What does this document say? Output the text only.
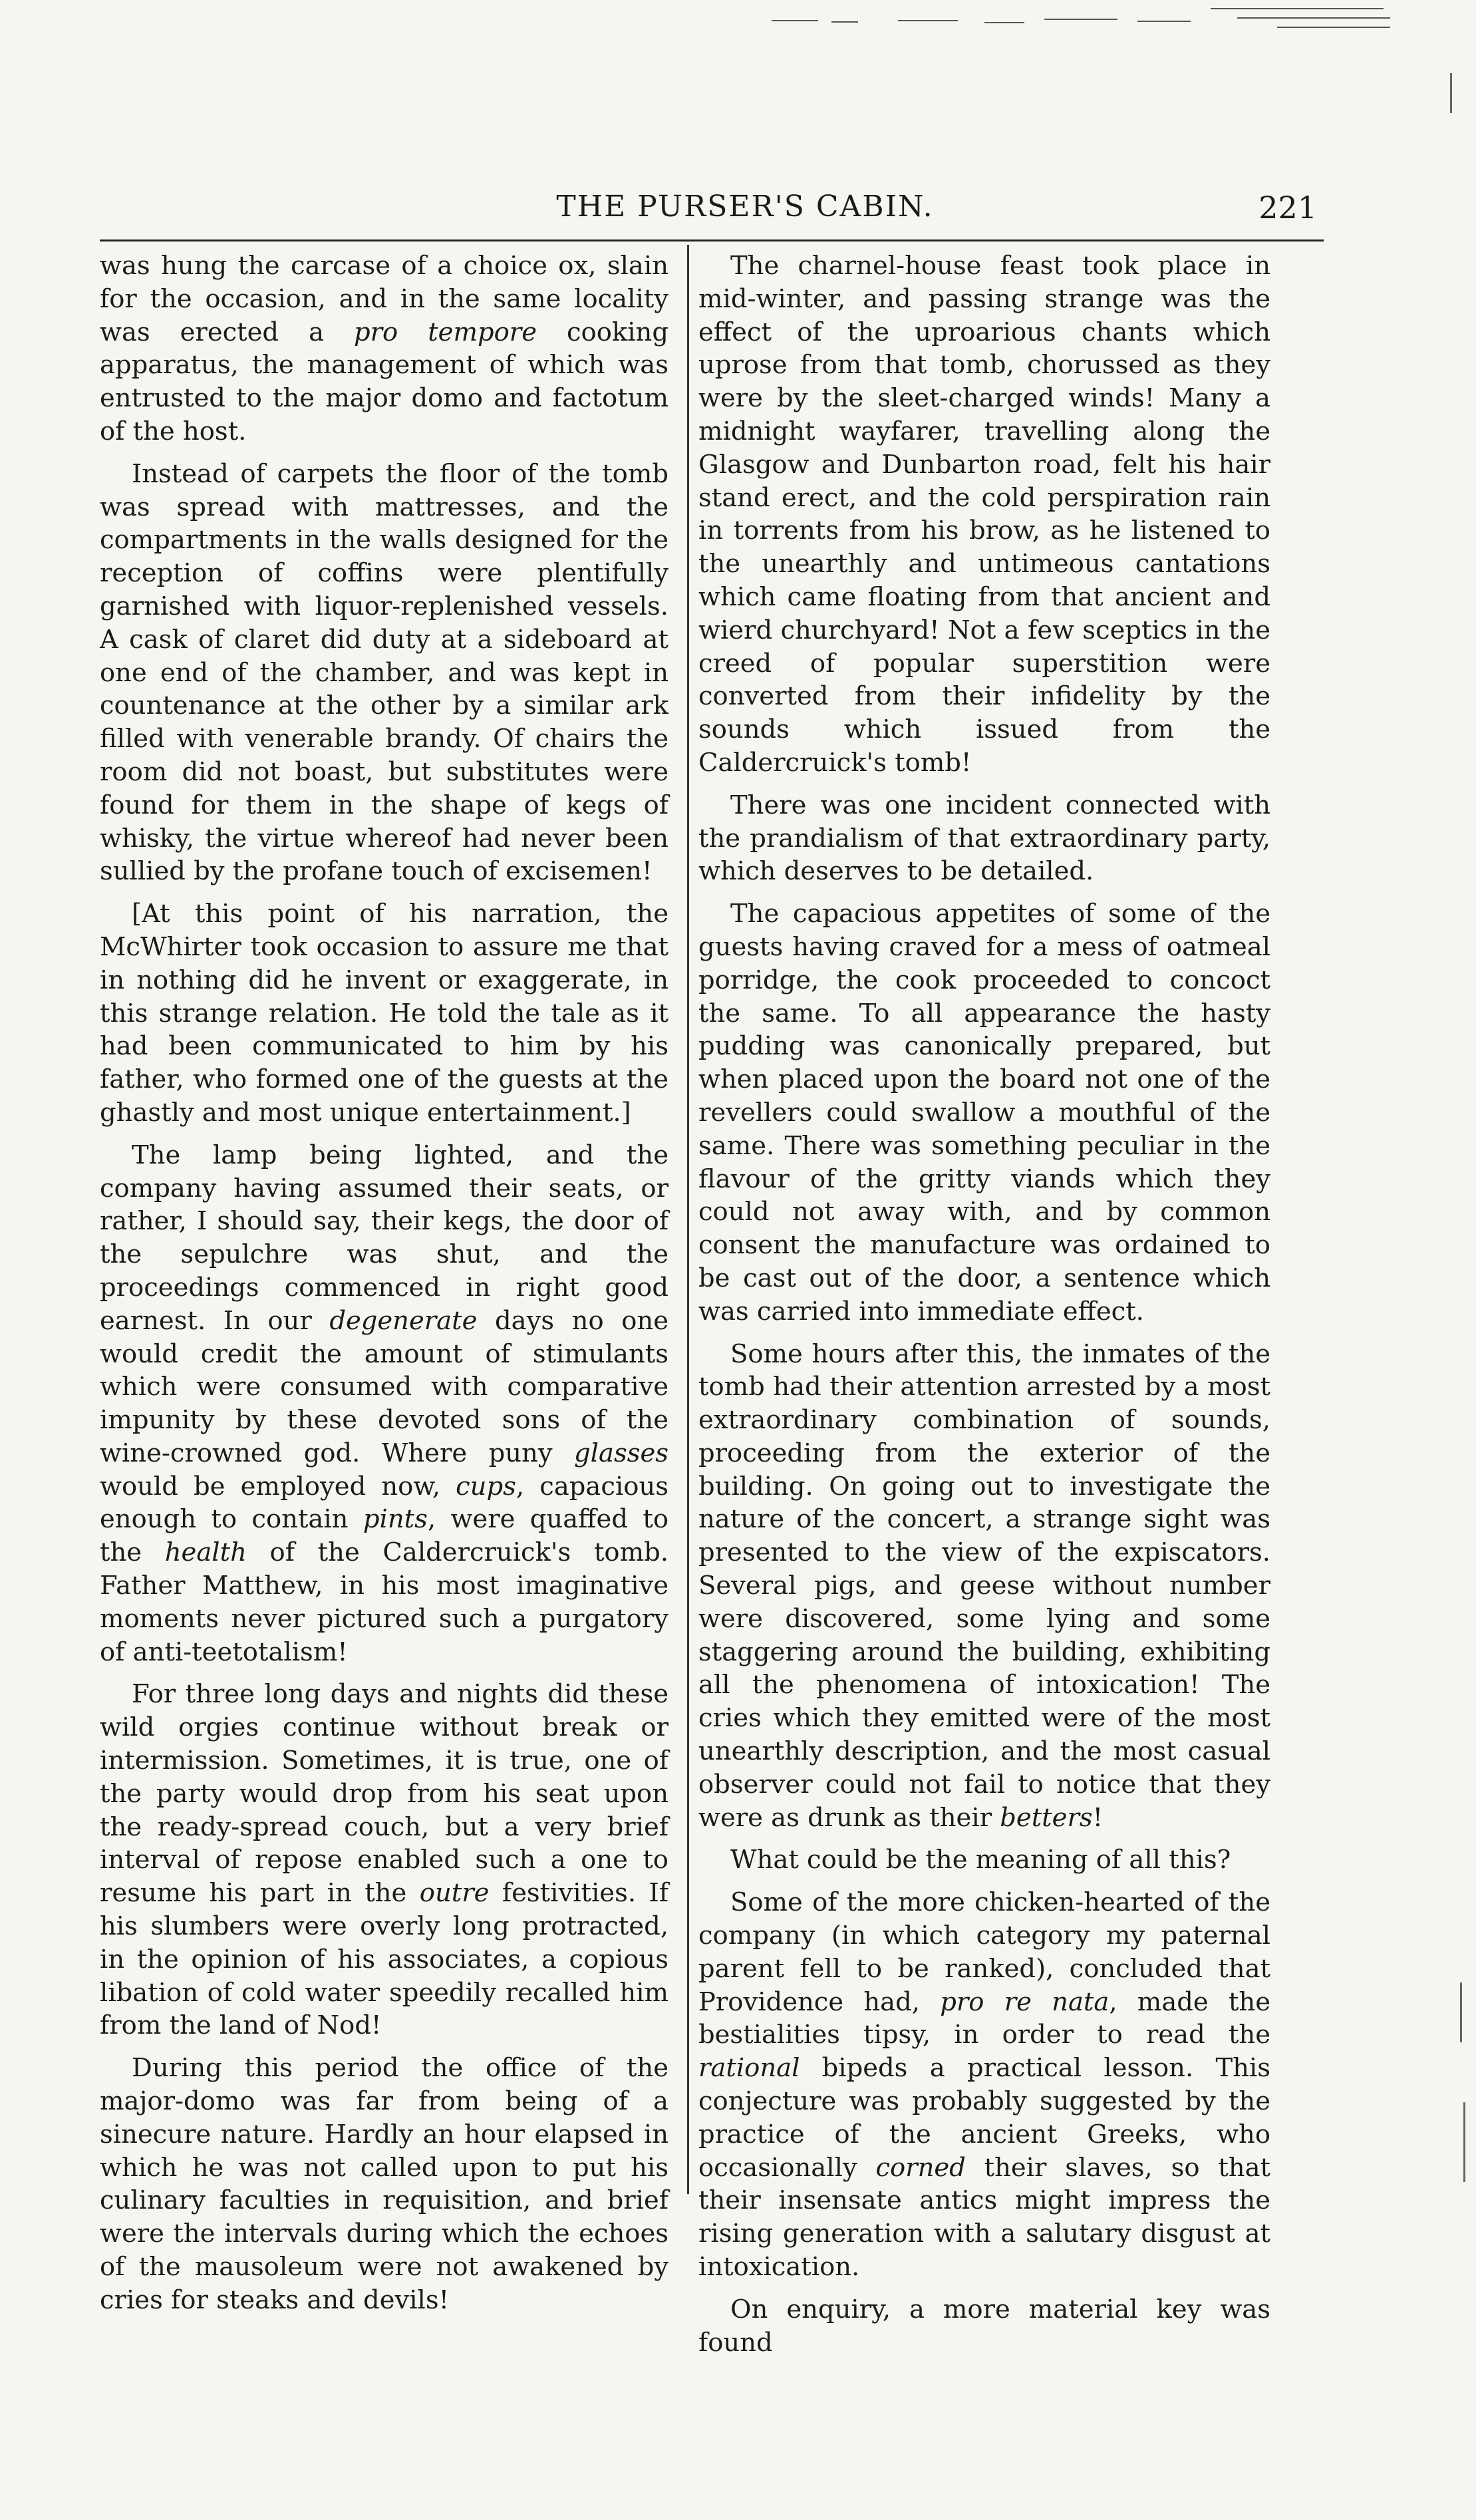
THE PURSER'S CABIN.	221

was hung the carcase of a choice ox, slain for the occasion, and in the same locality was erected a pro tempore cooking apparatus, the management of which was entrusted to the major domo and factotum of the host.

Instead of carpets the floor of the tomb was spread with mattresses, and the compartments in the walls designed for the reception of coffins were plentifully garnished with liquor-replenished vessels. A cask of claret did duty at a sideboard at one end of the chamber, and was kept in countenance at the other by a similar ark filled with venerable brandy. Of chairs the room did not boast, but substitutes were found for them in the shape of kegs of whisky, the virtue whereof had never been sullied by the profane touch of excisemen!

[At this point of his narration, the McWhirter took occasion to assure me that in nothing did he invent or exaggerate, in this strange relation. He told the tale as it had been communicated to him by his father, who formed one of the guests at the ghastly and most unique entertainment.]

The lamp being lighted, and the company having assumed their seats, or rather, I should say, their kegs, the door of the sepulchre was shut, and the proceedings commenced in right good earnest. In our degenerate days no one would credit the amount of stimulants which were consumed with comparative impunity by these devoted sons of the wine-crowned god. Where puny glasses would be employed now, cups, capacious enough to contain pints, were quaffed to the health of the Caldercruick's tomb. Father Matthew, in his most imaginative moments never pictured such a purgatory of anti-teetotalism!

For three long days and nights did these wild orgies continue without break or intermission. Sometimes, it is true, one of the party would drop from his seat upon the ready-spread couch, but a very brief interval of repose enabled such a one to resume his part in the outre festivities. If his slumbers were overly long protracted, in the opinion of his associates, a copious libation of cold water speedily recalled him from the land of Nod!

During this period the office of the major-domo was far from being of a sinecure nature. Hardly an hour elapsed in which he was not called upon to put his culinary faculties in requisition, and brief were the intervals during which the echoes of the mausoleum were not awakened by cries for steaks and devils!

The charnel-house feast took place in mid-winter, and passing strange was the effect of the uproarious chants which uprose from that tomb, chorussed as they were by the sleet-charged winds! Many a midnight wayfarer, travelling along the Glasgow and Dunbarton road, felt his hair stand erect, and the cold perspiration rain in torrents from his brow, as he listened to the unearthly and untimeous cantations which came floating from that ancient and wierd churchyard! Not a few sceptics in the creed of popular superstition were converted from their infidelity by the sounds which issued from the Caldercruick's tomb!

There was one incident connected with the prandialism of that extraordinary party, which deserves to be detailed.

The capacious appetites of some of the guests having craved for a mess of oatmeal porridge, the cook proceeded to concoct the same. To all appearance the hasty pudding was canonically prepared, but when placed upon the board not one of the revellers could swallow a mouthful of the same. There was something peculiar in the flavour of the gritty viands which they could not away with, and by common consent the manufacture was ordained to be cast out of the door, a sentence which was carried into immediate effect.

Some hours after this, the inmates of the tomb had their attention arrested by a most extraordinary combination of sounds, proceeding from the exterior of the building. On going out to investigate the nature of the concert, a strange sight was presented to the view of the expiscators. Several pigs, and geese without number were discovered, some lying and some staggering around the building, exhibiting all the phenomena of intoxication! The cries which they emitted were of the most unearthly description, and the most casual observer could not fail to notice that they were as drunk as their betters!

What could be the meaning of all this?

Some of the more chicken-hearted of the company (in which category my paternal parent fell to be ranked), concluded that Providence had, pro re nata, made the bestialities tipsy, in order to read the rational bipeds a practical lesson. This conjecture was probably suggested by the practice of the ancient Greeks, who occasionally corned their slaves, so that their insensate antics might impress the rising generation with a salutary disgust at intoxication.

On enquiry, a more material key was found
